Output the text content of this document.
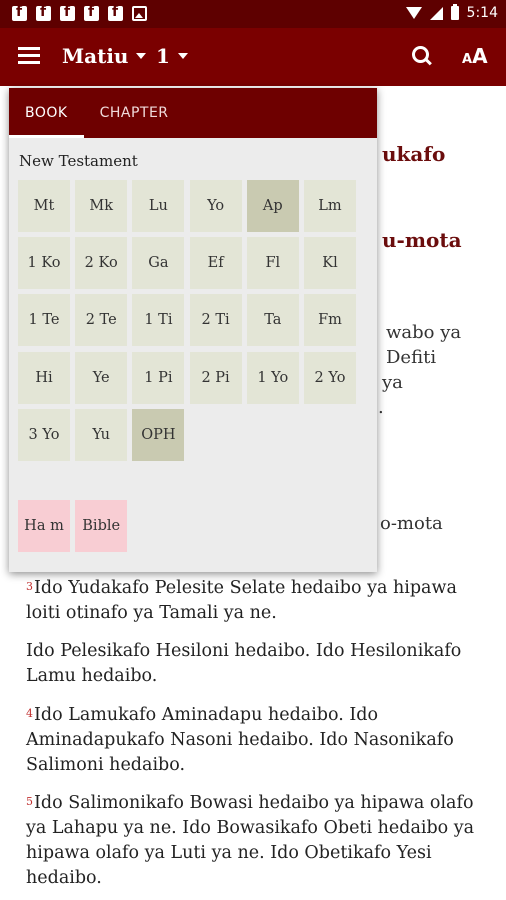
f
f
f
f
f
5:14
Matiu 1	AA
ukafo
u-mota
wabo ya
Defiti
ya
.
o-mota
$^3$Ido Yudakafo Pelesite Selate hedaibo ya hipawa loiti otinafo ya Tamali ya ne.
Ido Pelesikafo Hesiloni hedaibo. Ido Hesilonikafo Lamu hedaibo.
$^4$Ido Lamukafo Aminadapu hedaibo. Ido Aminadapukafo Nasoni hedaibo. Ido Nasonikafo Salimoni hedaibo.
$^5$Ido Salimonikafo Bowasi hedaibo ya hipawa olafo ya Lahapu ya ne. Ido Bowasikafo Obeti hedaibo ya hipawa olafo ya Luti ya ne. Ido Obetikafo Yesi hedaibo.
BOOK	CHAPTER
New Testament
Mt	Mk	Lu	Yo	Ap	Lm
1 Ko	2 Ko	Ga	Ef	Fl	Kl
1 Te	2 Te	1 Ti	2 Ti	Ta	Fm
Hi	Ye	1 Pi	2 Pi	1 Yo	2 Yo
3 Yo	Yu	OPH
Ha m	Bible
